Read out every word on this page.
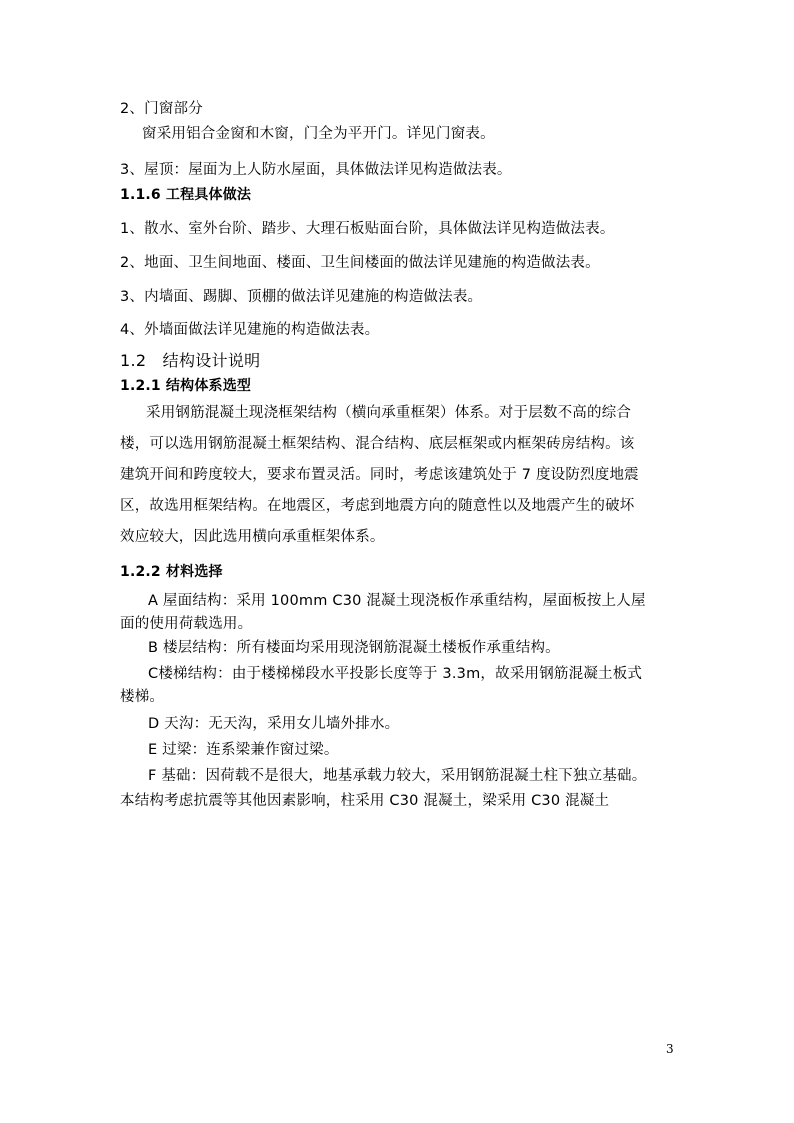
2、门窗部分
窗采用铝合金窗和木窗，门全为平开门。详见门窗表。
3、屋顶：屋面为上人防水屋面，具体做法详见构造做法表。
1.1.6 工程具体做法
1、散水、室外台阶、踏步、大理石板贴面台阶，具体做法详见构造做法表。
2、地面、卫生间地面、楼面、卫生间楼面的做法详见建施的构造做法表。
3、内墙面、踢脚、顶棚的做法详见建施的构造做法表。
4、外墙面做法详见建施的构造做法表。
1.2　结构设计说明
1.2.1 结构体系选型
采用钢筋混凝土现浇框架结构（横向承重框架）体系。对于层数不高的综合
楼，可以选用钢筋混凝土框架结构、混合结构、底层框架或内框架砖房结构。该
建筑开间和跨度较大，要求布置灵活。同时，考虑该建筑处于 7 度设防烈度地震
区，故选用框架结构。在地震区，考虑到地震方向的随意性以及地震产生的破坏
效应较大，因此选用横向承重框架体系。
1.2.2 材料选择
A 屋面结构：采用 100mm C30 混凝土现浇板作承重结构，屋面板按上人屋
面的使用荷载选用。
B 楼层结构：所有楼面均采用现浇钢筋混凝土楼板作承重结构。
C楼梯结构：由于楼梯梯段水平投影长度等于 3.3m，故采用钢筋混凝土板式
楼梯。
D 天沟：无天沟，采用女儿墙外排水。
E 过梁：连系梁兼作窗过梁。
F 基础：因荷载不是很大，地基承载力较大，采用钢筋混凝土柱下独立基础。
本结构考虑抗震等其他因素影响，柱采用 C30 混凝土，梁采用 C30 混凝土
3
